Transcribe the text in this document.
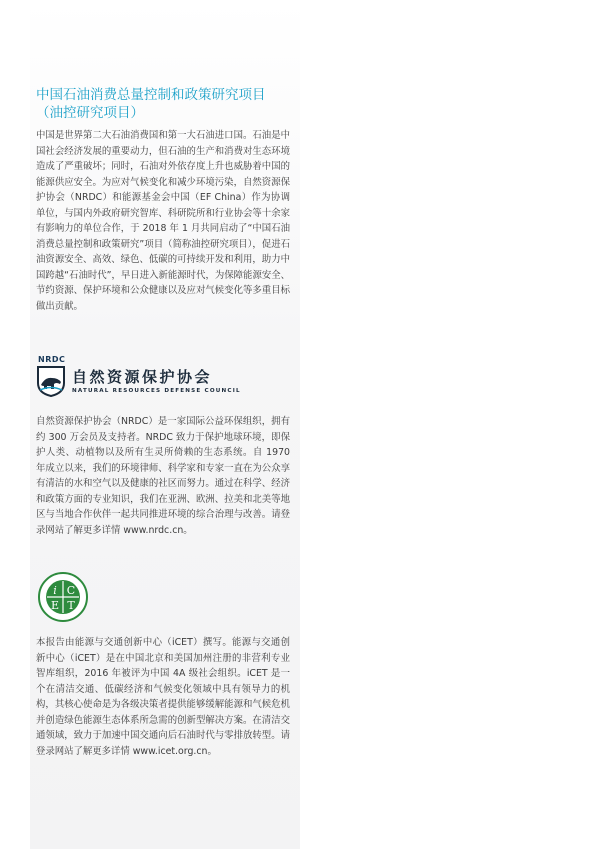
中国石油消费总量控制和政策研究项目（油控研究项目）

中国是世界第二大石油消费国和第一大石油进口国。石油是中国社会经济发展的重要动力，但石油的生产和消费对生态环境造成了严重破坏；同时，石油对外依存度上升也威胁着中国的能源供应安全。为应对气候变化和减少环境污染，自然资源保护协会（NRDC）和能源基金会中国（EF China）作为协调单位，与国内外政府研究智库、科研院所和行业协会等十余家有影响力的单位合作，于 2018 年 1 月共同启动了“中国石油消费总量控制和政策研究”项目（简称油控研究项目），促进石油资源安全、高效、绿色、低碳的可持续开发和利用，助力中国跨越“石油时代”，早日进入新能源时代，为保障能源安全、节约资源、保护环境和公众健康以及应对气候变化等多重目标做出贡献。

NRDC
自然资源保护协会
NATURAL RESOURCES DEFENSE COUNCIL

自然资源保护协会（NRDC）是一家国际公益环保组织，拥有约 300 万会员及支持者。NRDC 致力于保护地球环境，即保护人类、动植物以及所有生灵所倚赖的生态系统。自 1970 年成立以来，我们的环境律师、科学家和专家一直在为公众享有清洁的水和空气以及健康的社区而努力。通过在科学、经济和政策方面的专业知识，我们在亚洲、欧洲、拉美和北美等地区与当地合作伙伴一起共同推进环境的综合治理与改善。请登录网站了解更多详情 www.nrdc.cn。

i C
E T

本报告由能源与交通创新中心（iCET）撰写。能源与交通创新中心（iCET）是在中国北京和美国加州注册的非营利专业智库组织，2016 年被评为中国 4A 级社会组织。iCET 是一个在清洁交通、低碳经济和气候变化领域中具有领导力的机构，其核心使命是为各级决策者提供能够缓解能源和气候危机并创造绿色能源生态体系所急需的创新型解决方案。在清洁交通领域，致力于加速中国交通向后石油时代与零排放转型。请登录网站了解更多详情 www.icet.org.cn。
